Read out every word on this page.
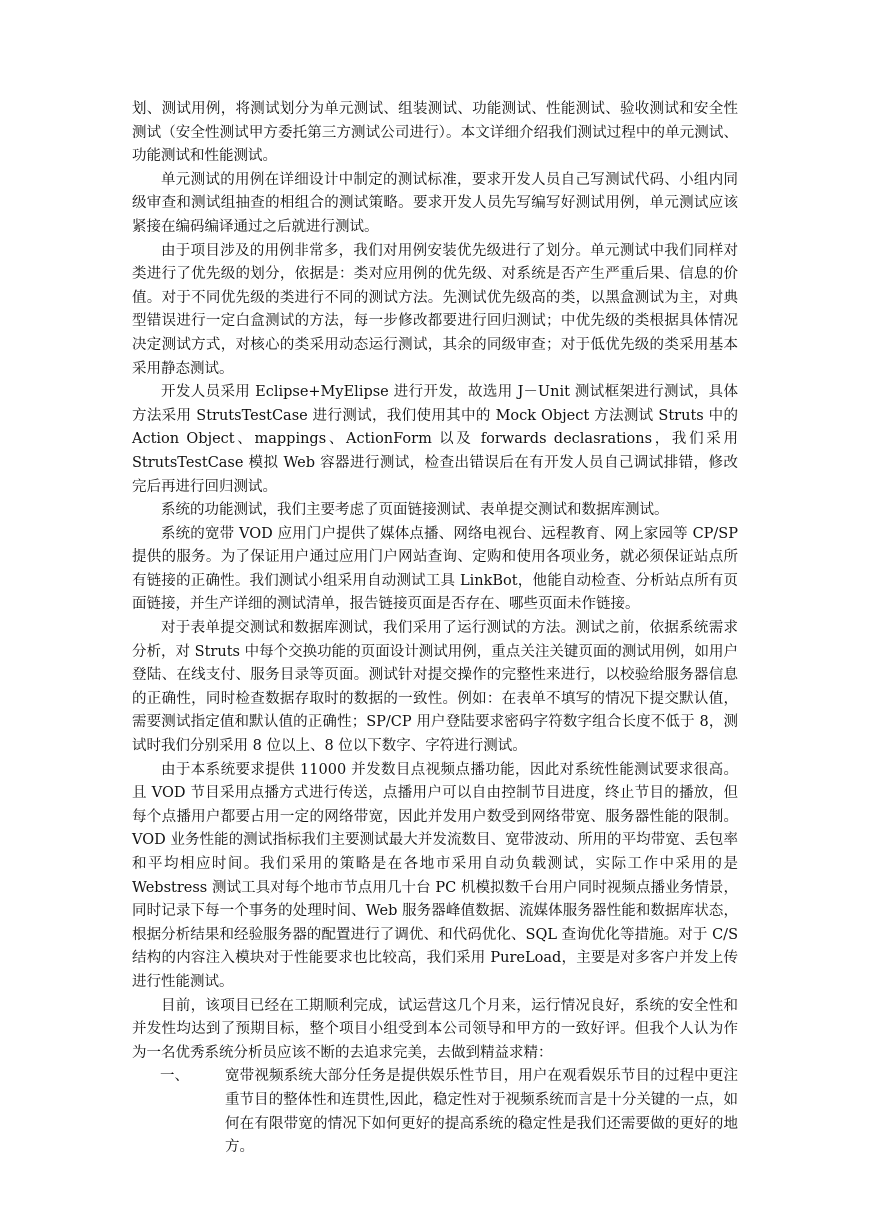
划、测试用例，将测试划分为单元测试、组装测试、功能测试、性能测试、验收测试和安全性测试（安全性测试甲方委托第三方测试公司进行）。本文详细介绍我们测试过程中的单元测试、功能测试和性能测试。

单元测试的用例在详细设计中制定的测试标准，要求开发人员自己写测试代码、小组内同级审查和测试组抽查的相组合的测试策略。要求开发人员先写编写好测试用例，单元测试应该紧接在编码编译通过之后就进行测试。

由于项目涉及的用例非常多，我们对用例安装优先级进行了划分。单元测试中我们同样对类进行了优先级的划分，依据是：类对应用例的优先级、对系统是否产生严重后果、信息的价值。对于不同优先级的类进行不同的测试方法。先测试优先级高的类，以黑盒测试为主，对典型错误进行一定白盒测试的方法，每一步修改都要进行回归测试；中优先级的类根据具体情况决定测试方式，对核心的类采用动态运行测试，其余的同级审查；对于低优先级的类采用基本采用静态测试。

开发人员采用 Eclipse+MyElipse 进行开发，故选用 J－Unit 测试框架进行测试，具体方法采用 StrutsTestCase 进行测试，我们使用其中的 Mock Object 方法测试 Struts 中的 Action Object、mappings、ActionForm 以及 forwards declasrations，我们采用 StrutsTestCase 模拟 Web 容器进行测试，检查出错误后在有开发人员自己调试排错，修改完后再进行回归测试。

系统的功能测试，我们主要考虑了页面链接测试、表单提交测试和数据库测试。

系统的宽带 VOD 应用门户提供了媒体点播、网络电视台、远程教育、网上家园等 CP/SP 提供的服务。为了保证用户通过应用门户网站查询、定购和使用各项业务，就必须保证站点所有链接的正确性。我们测试小组采用自动测试工具 LinkBot，他能自动检查、分析站点所有页面链接，并生产详细的测试清单，报告链接页面是否存在、哪些页面未作链接。

对于表单提交测试和数据库测试，我们采用了运行测试的方法。测试之前，依据系统需求分析，对 Struts 中每个交换功能的页面设计测试用例，重点关注关键页面的测试用例，如用户登陆、在线支付、服务目录等页面。测试针对提交操作的完整性来进行，以校验给服务器信息的正确性，同时检查数据存取时的数据的一致性。例如：在表单不填写的情况下提交默认值，需要测试指定值和默认值的正确性；SP/CP 用户登陆要求密码字符数字组合长度不低于 8，测试时我们分别采用 8 位以上、8 位以下数字、字符进行测试。

由于本系统要求提供 11000 并发数目点视频点播功能，因此对系统性能测试要求很高。且 VOD 节目采用点播方式进行传送，点播用户可以自由控制节目进度，终止节目的播放，但每个点播用户都要占用一定的网络带宽，因此并发用户数受到网络带宽、服务器性能的限制。VOD 业务性能的测试指标我们主要测试最大并发流数目、宽带波动、所用的平均带宽、丢包率和平均相应时间。我们采用的策略是在各地市采用自动负载测试，实际工作中采用的是 Webstress 测试工具对每个地市节点用几十台 PC 机模拟数千台用户同时视频点播业务情景，同时记录下每一个事务的处理时间、Web 服务器峰值数据、流媒体服务器性能和数据库状态，根据分析结果和经验服务器的配置进行了调优、和代码优化、SQL 查询优化等措施。对于 C/S 结构的内容注入模块对于性能要求也比较高，我们采用 PureLoad，主要是对多客户并发上传进行性能测试。

目前，该项目已经在工期顺利完成，试运营这几个月来，运行情况良好，系统的安全性和并发性均达到了预期目标，整个项目小组受到本公司领导和甲方的一致好评。但我个人认为作为一名优秀系统分析员应该不断的去追求完美，去做到精益求精：

一、	宽带视频系统大部分任务是提供娱乐性节目，用户在观看娱乐节目的过程中更注重节目的整体性和连贯性,因此，稳定性对于视频系统而言是十分关键的一点，如何在有限带宽的情况下如何更好的提高系统的稳定性是我们还需要做的更好的地方。
